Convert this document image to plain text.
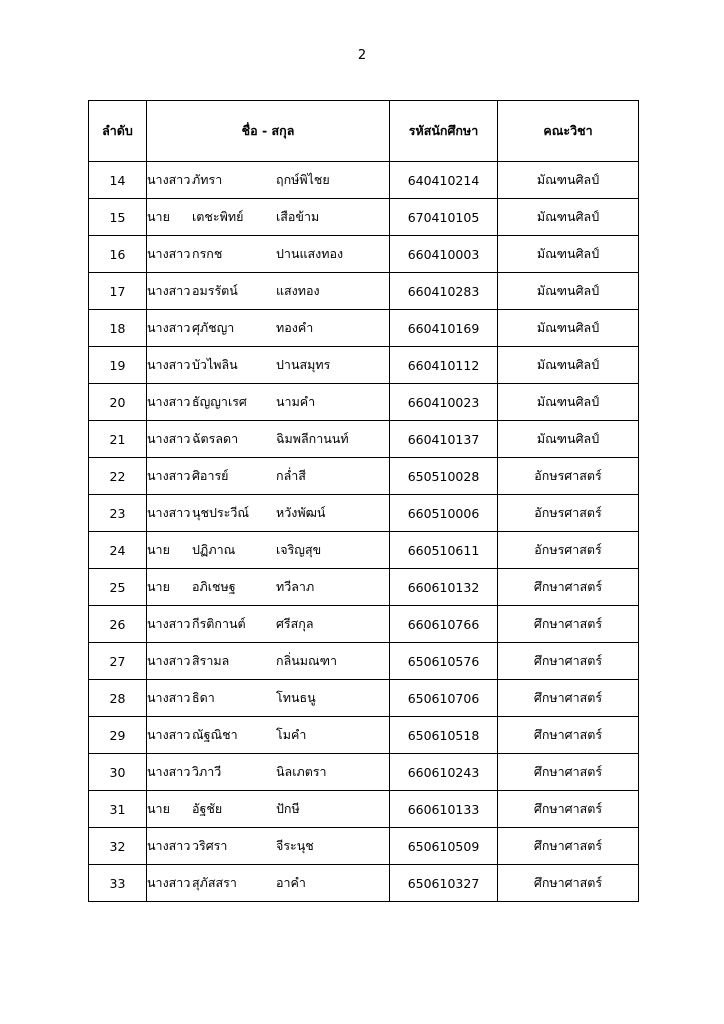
2
ลำดับ	ชื่อ - สกุล	รหัสนักศึกษา	คณะวิชา
14	นางสาว ภัทรา ฤกษ์พิไชย	640410214	มัณฑนศิลป์
15	นาย เตชะพิทย์ เสือข้าม	670410105	มัณฑนศิลป์
16	นางสาว กรกช ปานแสงทอง	660410003	มัณฑนศิลป์
17	นางสาว อมรรัตน์ แสงทอง	660410283	มัณฑนศิลป์
18	นางสาว ศุภัชญา ทองคำ	660410169	มัณฑนศิลป์
19	นางสาว บัวไพลิน ปานสมุทร	660410112	มัณฑนศิลป์
20	นางสาว ธัญญาเรศ นามคำ	660410023	มัณฑนศิลป์
21	นางสาว ฉัตรลดา ฉิมพลีกานนท์	660410137	มัณฑนศิลป์
22	นางสาว ศิอารย์ กล่ำสี	650510028	อักษรศาสตร์
23	นางสาว นุชประวีณ์ หวังพัฒน์	660510006	อักษรศาสตร์
24	นาย ปฏิภาณ เจริญสุข	660510611	อักษรศาสตร์
25	นาย อภิเชษฐ ทวีลาภ	660610132	ศึกษาศาสตร์
26	นางสาว กีรติกานต์ ศรีสกุล	660610766	ศึกษาศาสตร์
27	นางสาว สิรามล กลิ่นมณฑา	650610576	ศึกษาศาสตร์
28	นางสาว ธิดา โทนธนู	650610706	ศึกษาศาสตร์
29	นางสาว ณัฐณิชา โมคำ	650610518	ศึกษาศาสตร์
30	นางสาว วิภาวี นิลเภตรา	660610243	ศึกษาศาสตร์
31	นาย อัฐชัย ปักษี	660610133	ศึกษาศาสตร์
32	นางสาว วริศรา จีระนุช	650610509	ศึกษาศาสตร์
33	นางสาว สุภัสสรา อาคำ	650610327	ศึกษาศาสตร์
